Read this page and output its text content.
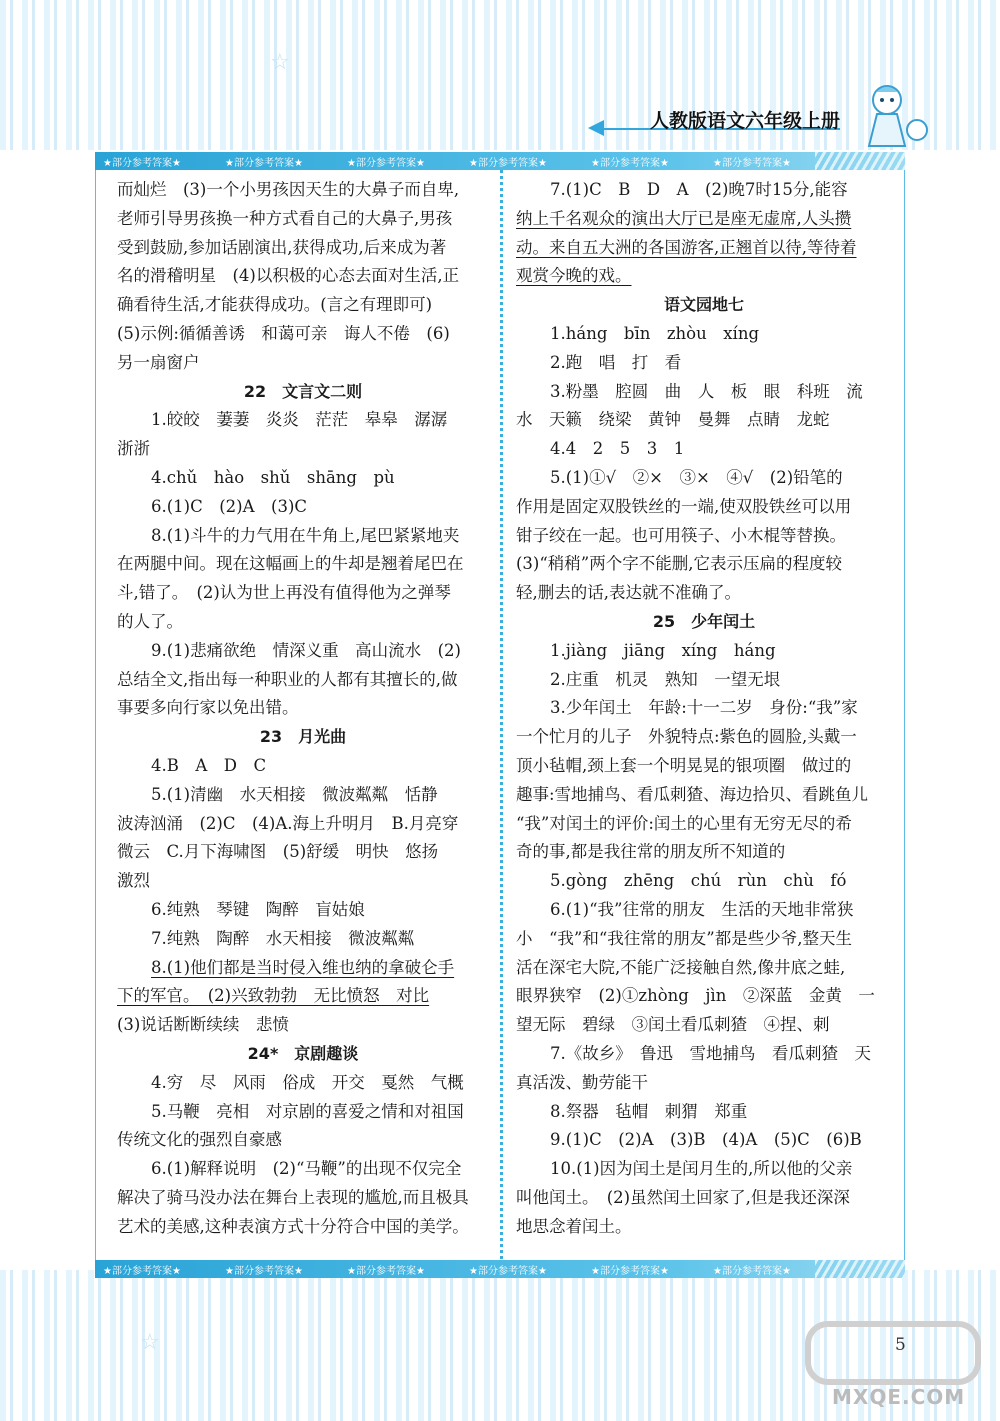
☆
☆
人教版语文六年级上册
★部分参考答案★	★部分参考答案★	★部分参考答案★	★部分参考答案★	★部分参考答案★	★部分参考答案★
★部分参考答案★	★部分参考答案★	★部分参考答案★	★部分参考答案★	★部分参考答案★	★部分参考答案★

而灿烂　(3)一个小男孩因天生的大鼻子而自卑,

老师引导男孩换一种方式看自己的大鼻子,男孩

受到鼓励,参加话剧演出,获得成功,后来成为著

名的滑稽明星　(4)以积极的心态去面对生活,正

确看待生活,才能获得成功。(言之有理即可)

(5)示例:循循善诱　和蔼可亲　诲人不倦　(6)

另一扇窗户

22　文言文二则

1.皎皎　萋萋　炎炎　茫茫　皋皋　潺潺

浙浙

4.chǔ　hào　shǔ　shāng　pù

6.(1)C　(2)A　(3)C

8.(1)斗牛的力气用在牛角上,尾巴紧紧地夹

在两腿中间。现在这幅画上的牛却是翘着尾巴在

斗,错了。　(2)认为世上再没有值得他为之弹琴

的人了。

9.(1)悲痛欲绝　情深义重　高山流水　(2)

总结全文,指出每一种职业的人都有其擅长的,做

事要多向行家以免出错。

23　月光曲

4.B　A　D　C

5.(1)清幽　水天相接　微波粼粼　恬静

波涛汹涌　(2)C　(4)A.海上升明月　B.月亮穿

微云　C.月下海啸图　(5)舒缓　明快　悠扬

激烈

6.纯熟　琴键　陶醉　盲姑娘

7.纯熟　陶醉　水天相接　微波粼粼

8.(1)他们都是当时侵入维也纳的拿破仑手

下的军官。　(2)兴致勃勃　无比愤怒　对比

(3)说话断断续续　悲愤

24*　京剧趣谈

4.穷　尽　风雨　俗成　开交　戛然　气概

5.马鞭　亮相　对京剧的喜爱之情和对祖国

传统文化的强烈自豪感

6.(1)解释说明　(2)“马鞭”的出现不仅完全

解决了骑马没办法在舞台上表现的尴尬,而且极具

艺术的美感,这种表演方式十分符合中国的美学。

7.(1)C　B　D　A　(2)晚7时15分,能容

纳上千名观众的演出大厅已是座无虚席,人头攒

动。来自五大洲的各国游客,正翘首以待,等待着

观赏今晚的戏。

语文园地七

1.háng　bīn　zhòu　xíng

2.跑　唱　打　看

3.粉墨　腔圆　曲　人　板　眼　科班　流

水　天籁　绕梁　黄钟　曼舞　点睛　龙蛇

4.4　2　5　3　1

5.(1)①√　②×　③×　④√　(2)铅笔的

作用是固定双股铁丝的一端,使双股铁丝可以用

钳子绞在一起。也可用筷子、小木棍等替换。

(3)“稍稍”两个字不能删,它表示压扁的程度较

轻,删去的话,表达就不准确了。

25　少年闰土

1.jiàng　jiāng　xíng　háng

2.庄重　机灵　熟知　一望无垠

3.少年闰土　年龄:十一二岁　身份:“我”家

一个忙月的儿子　外貌特点:紫色的圆脸,头戴一

顶小毡帽,颈上套一个明晃晃的银项圈　做过的

趣事:雪地捕鸟、看瓜刺猹、海边拾贝、看跳鱼儿

“我”对闰土的评价:闰土的心里有无穷无尽的希

奇的事,都是我往常的朋友所不知道的

5.gòng　zhēng　chú　rùn　chù　fó

6.(1)“我”往常的朋友　生活的天地非常狭

小　“我”和“我往常的朋友”都是些少爷,整天生

活在深宅大院,不能广泛接触自然,像井底之蛙,

眼界狭窄　(2)①zhòng　jìn　②深蓝　金黄　一

望无际　碧绿　③闰土看瓜刺猹　④捏、刺

7.《故乡》　鲁迅　雪地捕鸟　看瓜刺猹　天

真活泼、勤劳能干

8.祭器　毡帽　刺猬　郑重

9.(1)C　(2)A　(3)B　(4)A　(5)C　(6)B

10.(1)因为闰土是闰月生的,所以他的父亲

叫他闰土。　(2)虽然闰土回家了,但是我还深深

地思念着闰土。

5
MXQE.COM
